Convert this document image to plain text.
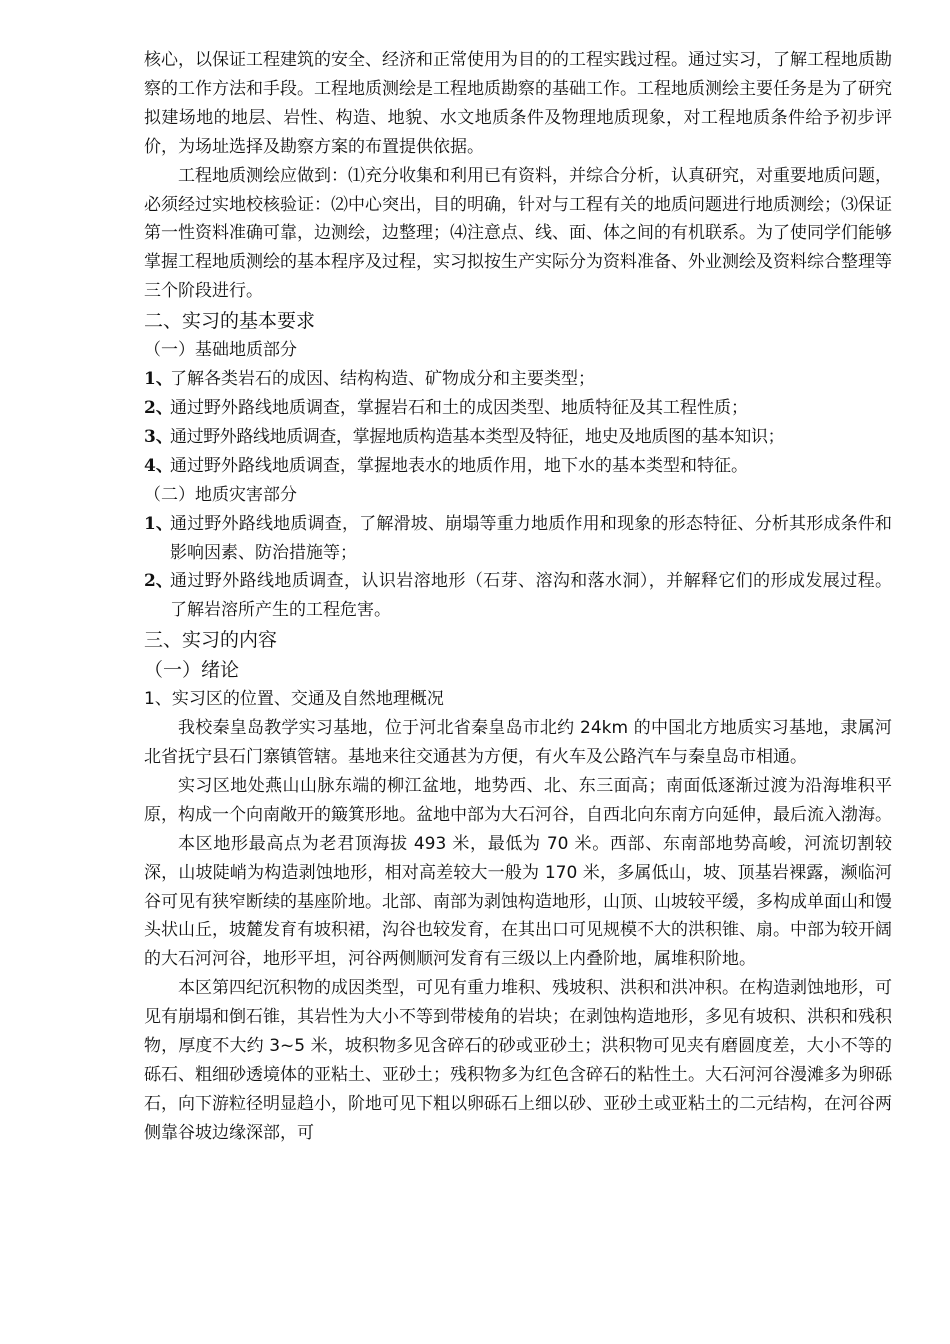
核心，以保证工程建筑的安全、经济和正常使用为目的的工程实践过程。通过实习，了解工程地质勘察的工作方法和手段。工程地质测绘是工程地质勘察的基础工作。工程地质测绘主要任务是为了研究拟建场地的地层、岩性、构造、地貌、水文地质条件及物理地质现象，对工程地质条件给予初步评价，为场址选择及勘察方案的布置提供依据。

工程地质测绘应做到：⑴充分收集和利用已有资料，并综合分析，认真研究，对重要地质问题，必须经过实地校核验证：⑵中心突出，目的明确，针对与工程有关的地质问题进行地质测绘；⑶保证第一性资料准确可靠，边测绘，边整理；⑷注意点、线、面、体之间的有机联系。为了使同学们能够掌握工程地质测绘的基本程序及过程，实习拟按生产实际分为资料准备、外业测绘及资料综合整理等三个阶段进行。

二、实习的基本要求

（一）基础地质部分

1、
了解各类岩石的成因、结构构造、矿物成分和主要类型；
2、
通过野外路线地质调查，掌握岩石和土的成因类型、地质特征及其工程性质；
3、
通过野外路线地质调查，掌握地质构造基本类型及特征，地史及地质图的基本知识；
4、
通过野外路线地质调查，掌握地表水的地质作用，地下水的基本类型和特征。

（二）地质灾害部分

1、
通过野外路线地质调查，了解滑坡、崩塌等重力地质作用和现象的形态特征、分析其形成条件和影响因素、防治措施等；
2、
通过野外路线地质调查，认识岩溶地形（石芽、溶沟和落水洞），并解释它们的形成发展过程。了解岩溶所产生的工程危害。

三、实习的内容

（一）绪论

1、实习区的位置、交通及自然地理概况

我校秦皇岛教学实习基地，位于河北省秦皇岛市北约 24km 的中国北方地质实习基地，隶属河北省抚宁县石门寨镇管辖。基地来往交通甚为方便，有火车及公路汽车与秦皇岛市相通。

实习区地处燕山山脉东端的柳江盆地，地势西、北、东三面高；南面低逐渐过渡为沿海堆积平原，构成一个向南敞开的簸箕形地。盆地中部为大石河谷，自西北向东南方向延伸，最后流入渤海。

本区地形最高点为老君顶海拔 493 米，最低为 70 米。西部、东南部地势高峻，河流切割较深，山坡陡峭为构造剥蚀地形，相对高差较大一般为 170 米，多属低山，坡、顶基岩裸露，濒临河谷可见有狭窄断续的基座阶地。北部、南部为剥蚀构造地形，山顶、山坡较平缓，多构成单面山和馒头状山丘，坡麓发育有坡积裙，沟谷也较发育，在其出口可见规模不大的洪积锥、扇。中部为较开阔的大石河河谷，地形平坦，河谷两侧顺河发育有三级以上内叠阶地，属堆积阶地。

本区第四纪沉积物的成因类型，可见有重力堆积、残坡积、洪积和洪冲积。在构造剥蚀地形，可见有崩塌和倒石锥，其岩性为大小不等到带棱角的岩块；在剥蚀构造地形，多见有坡积、洪积和残积物，厚度不大约 3~5 米，坡积物多见含碎石的砂或亚砂土；洪积物可见夹有磨圆度差，大小不等的砾石、粗细砂透境体的亚粘土、亚砂土；残积物多为红色含碎石的粘性土。大石河河谷漫滩多为卵砾石，向下游粒径明显趋小，阶地可见下粗以卵砾石上细以砂、亚砂土或亚粘土的二元结构，在河谷两侧靠谷坡边缘深部，可
